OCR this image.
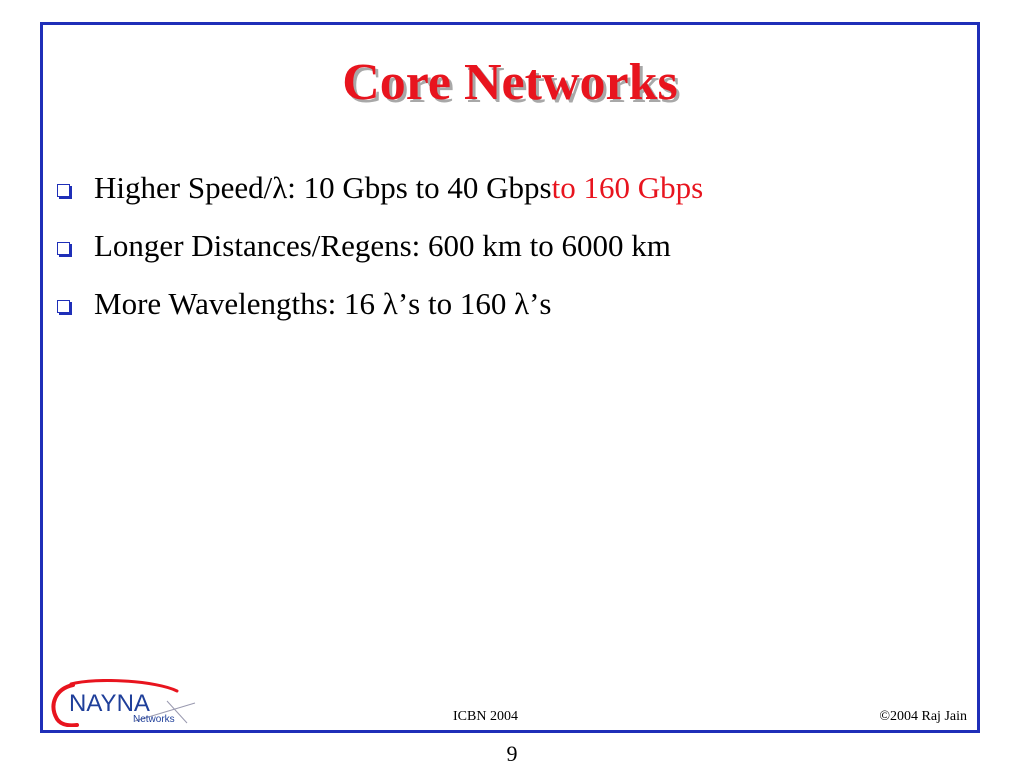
Core Networks
Higher Speed/λ: 10 Gbps to 40 Gbps to 160 Gbps
Longer Distances/Regens: 600 km to 6000 km
More Wavelengths: 16 λ’s to 160 λ’s
NAYNA
Networks	ICBN 2004	©2004 Raj Jain
9
